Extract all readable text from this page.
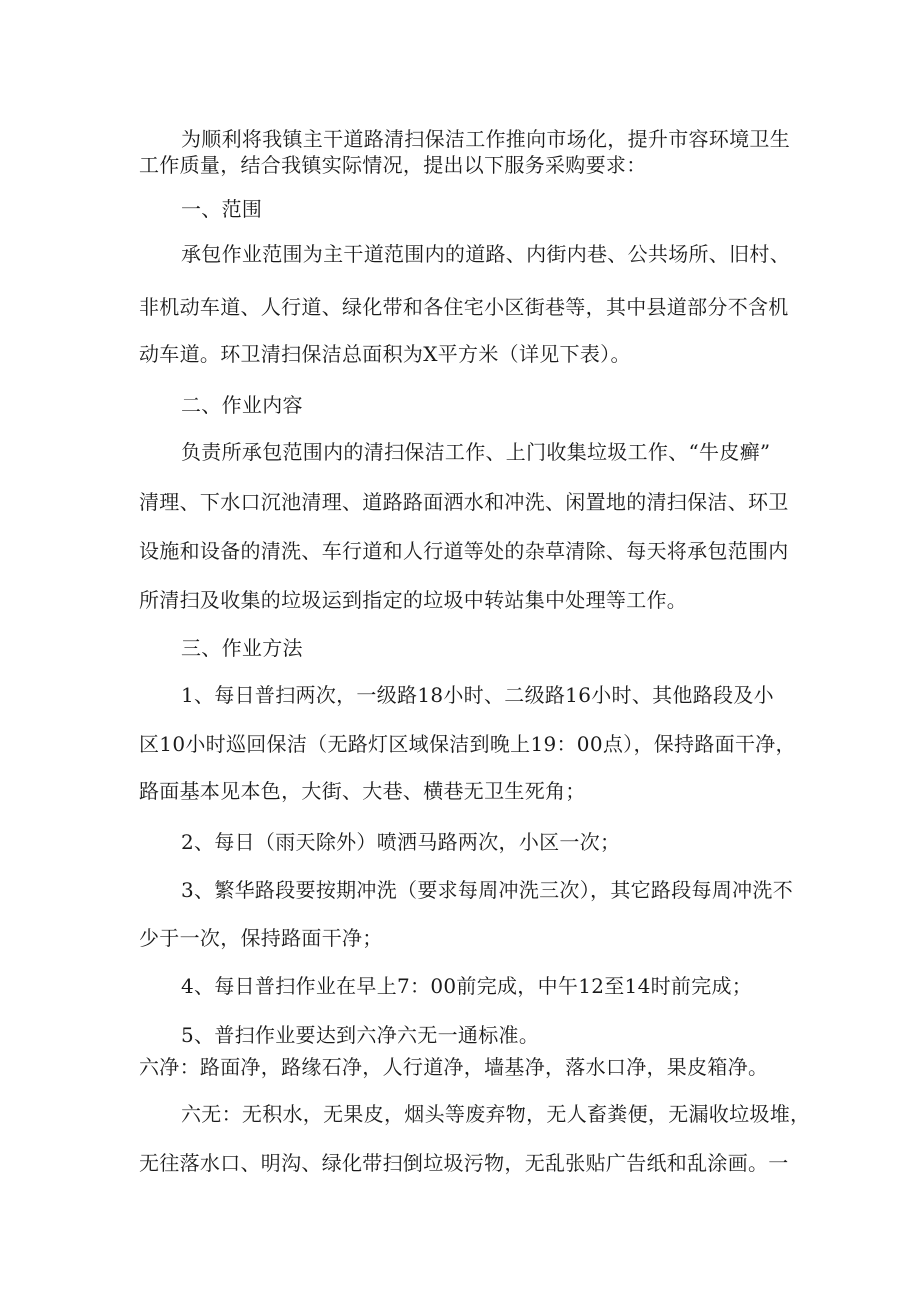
为顺利将我镇主干道路清扫保洁工作推向市场化，提升市容环境卫生
工作质量，结合我镇实际情况，提出以下服务采购要求：
一、范围
承包作业范围为主干道范围内的道路、内街内巷、公共场所、旧村、
非机动车道、人行道、绿化带和各住宅小区街巷等，其中县道部分不含机
动车道。环卫清扫保洁总面积为X平方米（详见下表）。
二、作业内容
负责所承包范围内的清扫保洁工作、上门收集垃圾工作、“牛皮癣”
清理、下水口沉池清理、道路路面洒水和冲洗、闲置地的清扫保洁、环卫
设施和设备的清洗、车行道和人行道等处的杂草清除、每天将承包范围内
所清扫及收集的垃圾运到指定的垃圾中转站集中处理等工作。
三、作业方法
1、每日普扫两次，一级路18小时、二级路16小时、其他路段及小
区10小时巡回保洁（无路灯区域保洁到晚上19：00点），保持路面干净，
路面基本见本色，大街、大巷、横巷无卫生死角；
2、每日（雨天除外）喷洒马路两次，小区一次；
3、繁华路段要按期冲洗（要求每周冲洗三次），其它路段每周冲洗不
少于一次，保持路面干净；
4、每日普扫作业在早上7：00前完成，中午12至14时前完成；
5、普扫作业要达到六净六无一通标准。
六净：路面净，路缘石净，人行道净，墙基净，落水口净，果皮箱净。
六无：无积水，无果皮，烟头等废弃物，无人畜粪便，无漏收垃圾堆，
无往落水口、明沟、绿化带扫倒垃圾污物，无乱张贴广告纸和乱涂画。一
